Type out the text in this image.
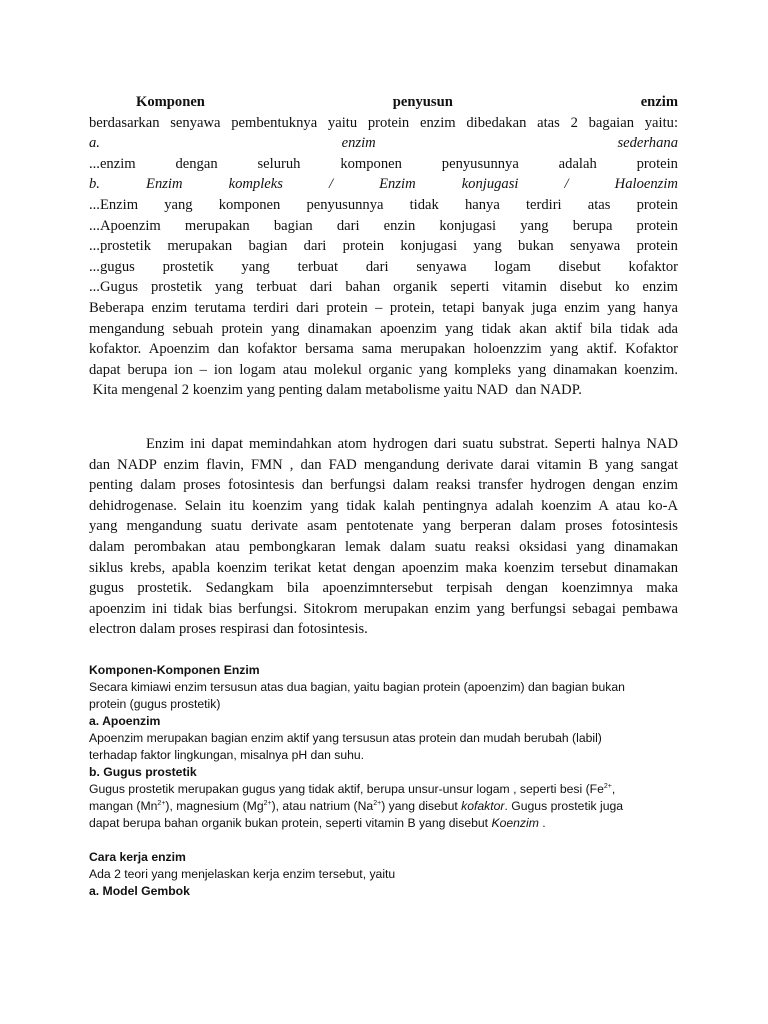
Komponen	penyusun	enzim
berdasarkan senyawa pembentuknya yaitu protein enzim dibedakan atas 2 bagaian yaitu:
a.	enzim	sederhana
...enzim	dengan	seluruh	komponen	penyusunnya	adalah	protein
b.	Enzim	kompleks	/	Enzim	konjugasi	/	Haloenzim
...Enzim yang komponen penyusunnya tidak hanya terdiri atas protein
...Apoenzim merupakan bagian dari enzin konjugasi yang berupa protein
...prostetik merupakan bagian dari protein konjugasi yang bukan senyawa protein
...gugus prostetik yang terbuat dari senyawa logam disebut kofaktor
...Gugus prostetik yang terbuat dari bahan organik seperti vitamin disebut ko enzim
Beberapa enzim terutama terdiri dari protein – protein, tetapi banyak juga enzim yang hanya
mengandung sebuah protein yang dinamakan apoenzim yang tidak akan aktif bila tidak ada
kofaktor. Apoenzim dan kofaktor bersama sama merupakan holoenzzim yang aktif. Kofaktor
dapat berupa ion – ion logam atau molekul organic yang kompleks yang dinamakan koenzim.
Kita mengenal 2 koenzim yang penting dalam metabolisme yaitu NAD  dan NADP.
Enzim ini dapat memindahkan atom hydrogen dari suatu substrat. Seperti halnya NAD
dan NADP enzim flavin, FMN , dan FAD mengandung derivate darai vitamin B yang sangat
penting dalam proses fotosintesis dan berfungsi dalam reaksi transfer hydrogen dengan enzim
dehidrogenase. Selain itu koenzim yang tidak kalah pentingnya adalah koenzim A atau ko-A
yang mengandung suatu derivate asam pentotenate yang berperan dalam proses fotosintesis
dalam perombakan atau pembongkaran lemak dalam suatu reaksi oksidasi yang dinamakan
siklus krebs, apabla koenzim terikat ketat dengan apoenzim maka koenzim tersebut dinamakan
gugus prostetik. Sedangkam bila apoenzimntersebut terpisah dengan koenzimnya maka
apoenzim ini tidak bias berfungsi. Sitokrom merupakan enzim yang berfungsi sebagai pembawa
electron dalam proses respirasi dan fotosintesis.
Komponen-Komponen Enzim
Secara kimiawi enzim tersusun atas dua bagian, yaitu bagian protein (apoenzim) dan bagian bukan
protein (gugus prostetik)
a. Apoenzim
Apoenzim merupakan bagian enzim aktif yang tersusun atas protein dan mudah berubah (labil)
terhadap faktor lingkungan, misalnya pH dan suhu.
b. Gugus prostetik
Gugus prostetik merupakan gugus yang tidak aktif, berupa unsur-unsur logam , seperti besi ($Fe^{2+}$,
mangan $(Mn^{2+})$, magnesium $(Mg^{2+})$, atau natrium $(Na^{2+})$ yang disebut kofaktor. Gugus prostetik juga
dapat berupa bahan organik bukan protein, seperti vitamin B yang disebut Koenzim .
Cara kerja enzim
Ada 2 teori yang menjelaskan kerja enzim tersebut, yaitu
a. Model Gembok
